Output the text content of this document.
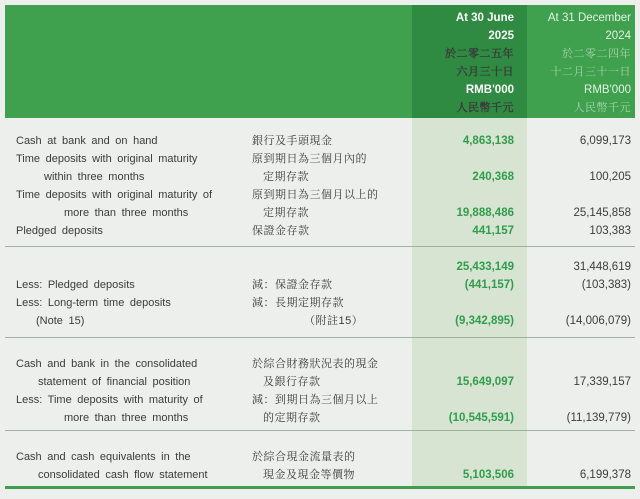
At 30 June
2025
於二零二五年
六月三十日
RMB'000
人民幣千元
At 31 December
2024
於二零二四年
十二月三十一日
RMB'000
人民幣千元
Cash at bank and on hand	銀行及手頭現金	4,863,138	6,099,173
Time deposits with original maturity
within three months
原到期日為三個月內的
定期存款	240,368	100,205
Time deposits with original maturity of
more than three months
原到期日為三個月以上的
定期存款	19,888,486	25,145,858
Pledged deposits	保證金存款	441,157	103,383
25,433,149	31,448,619
Less: Pledged deposits	減：保證金存款	(441,157)	(103,383)
Less: Long-term time deposits
(Note 15)
減：長期定期存款
（附註15）	(9,342,895)	(14,006,079)
Cash and bank in the consolidated
statement of financial position
於綜合財務狀況表的現金
及銀行存款	15,649,097	17,339,157
Less: Time deposits with maturity of
more than three months
減：到期日為三個月以上
的定期存款	(10,545,591)	(11,139,779)
Cash and cash equivalents in the
consolidated cash flow statement
於綜合現金流量表的
現金及現金等價物	5,103,506	6,199,378
